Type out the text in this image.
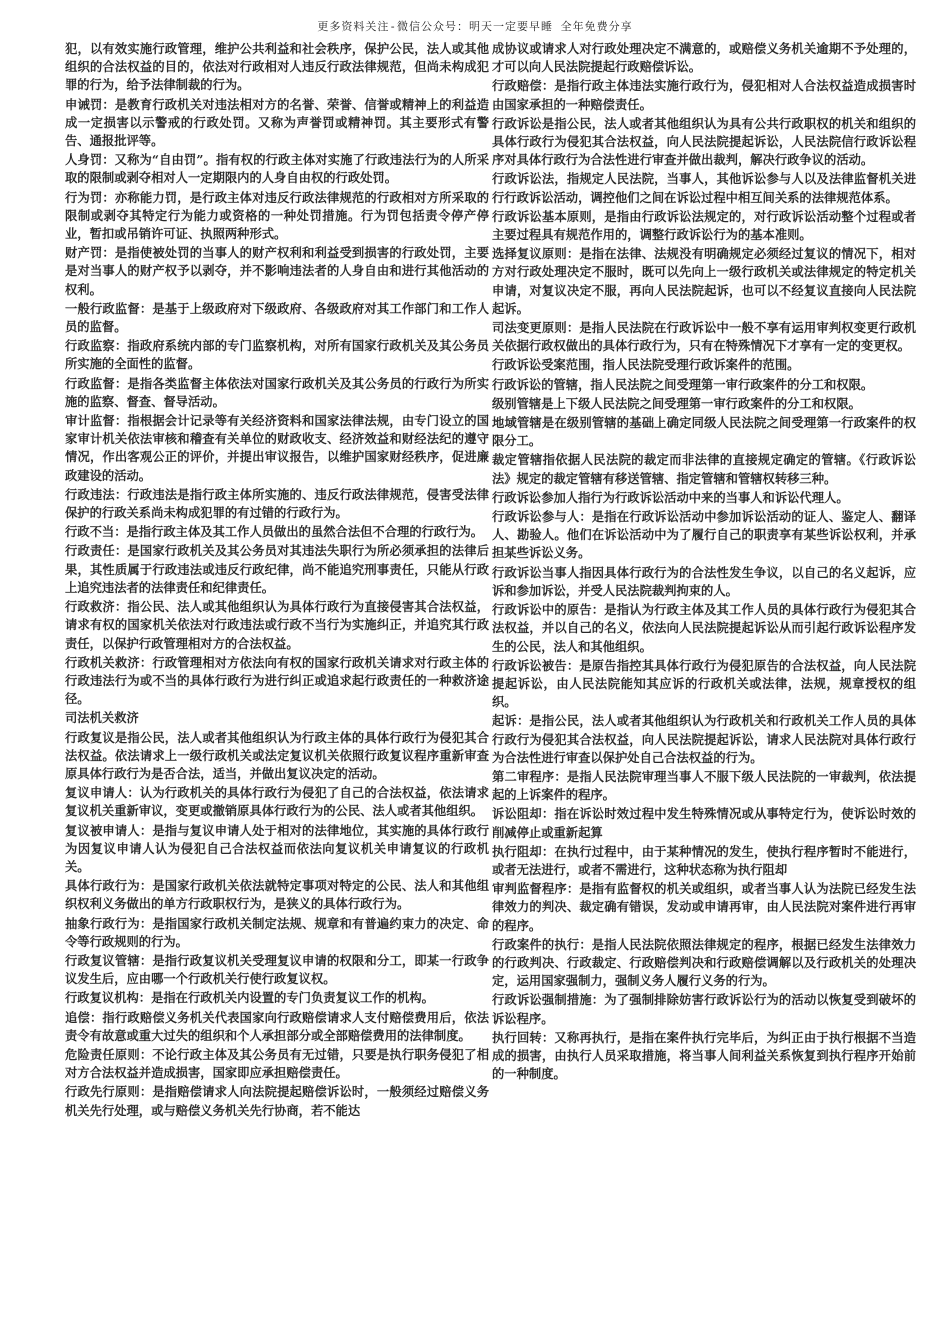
更多资料关注-微信公众号：明天一定要早睡 全年免费分享

犯，以有效实施行政管理，维护公共利益和社会秩序，保护公民，法人或其他组织的合法权益的目的，依法对行政相对人违反行政法律规范，但尚未构成犯罪的行为，给予法律制裁的行为。

申诫罚：是教育行政机关对违法相对方的名誉、荣誉、信誉或精神上的利益造成一定损害以示警戒的行政处罚。又称为声誉罚或精神罚。其主要形式有警告、通报批评等。

人身罚：又称为“自由罚”。指有权的行政主体对实施了行政违法行为的人所采取的限制或剥夺相对人一定期限内的人身自由权的行政处罚。

行为罚：亦称能力罚，是行政主体对违反行政法律规范的行政相对方所采取的限制或剥夺其特定行为能力或资格的一种处罚措施。行为罚包括责令停产停业，暂扣或吊销许可证、执照两种形式。

财产罚：是指使被处罚的当事人的财产权利和利益受到损害的行政处罚，主要是对当事人的财产权予以剥夺，并不影响违法者的人身自由和进行其他活动的权利。

一般行政监督：是基于上级政府对下级政府、各级政府对其工作部门和工作人员的监督。

行政监察：指政府系统内部的专门监察机构，对所有国家行政机关及其公务员所实施的全面性的监督。

行政监督：是指各类监督主体依法对国家行政机关及其公务员的行政行为所实施的监察、督查、督导活动。

审计监督：指根据会计记录等有关经济资料和国家法律法规，由专门设立的国家审计机关依法审核和稽查有关单位的财政收支、经济效益和财经法纪的遵守情况，作出客观公正的评价，并提出审议报告，以维护国家财经秩序，促进廉政建设的活动。

行政违法：行政违法是指行政主体所实施的、违反行政法律规范，侵害受法律保护的行政关系尚未构成犯罪的有过错的行政行为。

行政不当：是指行政主体及其工作人员做出的虽然合法但不合理的行政行为。

行政责任：是国家行政机关及其公务员对其违法失职行为所必须承担的法律后果，其性质属于行政违法或违反行政纪律，尚不能追究刑事责任，只能从行政上追究违法者的法律责任和纪律责任。

行政救济：指公民、法人或其他组织认为具体行政行为直接侵害其合法权益，请求有权的国家机关依法对行政违法或行政不当行为实施纠正，并追究其行政责任，以保护行政管理相对方的合法权益。

行政机关救济：行政管理相对方依法向有权的国家行政机关请求对行政主体的行政违法行为或不当的具体行政行为进行纠正或追求起行政责任的一种救济途径。

司法机关救济

行政复议是指公民，法人或者其他组织认为行政主体的具体行政行为侵犯其合法权益。依法请求上一级行政机关或法定复议机关依照行政复议程序重新审查原具体行政行为是否合法，适当，并做出复议决定的活动。

复议申请人：认为行政机关的具体行政行为侵犯了自己的合法权益，依法请求复议机关重新审议，变更或撤销原具体行政行为的公民、法人或者其他组织。

复议被申请人：是指与复议申请人处于相对的法律地位，其实施的具体行政行为因复议申请人认为侵犯自己合法权益而依法向复议机关申请复议的行政机关。

具体行政行为：是国家行政机关依法就特定事项对特定的公民、法人和其他组织权利义务做出的单方行政职权行为，是狭义的具体行政行为。

抽象行政行为：是指国家行政机关制定法规、规章和有普遍约束力的决定、命令等行政规则的行为。

行政复议管辖：是指行政复议机关受理复议申请的权限和分工，即某一行政争议发生后，应由哪一个行政机关行使行政复议权。

行政复议机构：是指在行政机关内设置的专门负责复议工作的机构。

追偿：指行政赔偿义务机关代表国家向行政赔偿请求人支付赔偿费用后，依法责令有故意或重大过失的组织和个人承担部分或全部赔偿费用的法律制度。

危险责任原则：不论行政主体及其公务员有无过错，只要是执行职务侵犯了相对方合法权益并造成损害，国家即应承担赔偿责任。

行政先行原则：是指赔偿请求人向法院提起赔偿诉讼时，一般须经过赔偿义务机关先行处理，或与赔偿义务机关先行协商，若不能达

成协议或请求人对行政处理决定不满意的，或赔偿义务机关逾期不予处理的，才可以向人民法院提起行政赔偿诉讼。

行政赔偿：是指行政主体违法实施行政行为，侵犯相对人合法权益造成损害时由国家承担的一种赔偿责任。

行政诉讼是指公民，法人或者其他组织认为具有公共行政职权的机关和组织的具体行政行为侵犯其合法权益，向人民法院提起诉讼，人民法院信行政诉讼程序对具体行政行为合法性进行审查并做出裁判，解决行政争议的活动。

行政诉讼法，指规定人民法院，当事人，其他诉讼参与人以及法律监督机关进行行政诉讼活动，调控他们之间在诉讼过程中相互间关系的法律规范体系。

行政诉讼基本原则，是指由行政诉讼法规定的，对行政诉讼活动整个过程或者主要过程具有规范作用的，调整行政诉讼行为的基本准则。

选择复议原则：是指在法律、法规没有明确规定必须经过复议的情况下，相对方对行政处理决定不服时，既可以先向上一级行政机关或法律规定的特定机关申请，对复议决定不服，再向人民法院起诉，也可以不经复议直接向人民法院起诉。

司法变更原则：是指人民法院在行政诉讼中一般不享有运用审判权变更行政机关依据行政权做出的具体行政行为，只有在特殊情况下才享有一定的变更权。

行政诉讼受案范围，指人民法院受理行政诉案件的范围。

行政诉讼的管辖，指人民法院之间受理第一审行政案件的分工和权限。

级别管辖是上下级人民法院之间受理第一审行政案件的分工和权限。

地域管辖是在级别管辖的基础上确定同级人民法院之间受理第一行政案件的权限分工。

裁定管辖指依据人民法院的裁定而非法律的直接规定确定的管辖。《行政诉讼法》规定的裁定管辖有移送管辖、指定管辖和管辖权转移三种。

行政诉讼参加人指行为行政诉讼活动中来的当事人和诉讼代理人。

行政诉讼参与人：是指在行政诉讼活动中参加诉讼活动的证人、鉴定人、翻译人、勘验人。他们在诉讼活动中为了履行自己的职责享有某些诉讼权利，并承担某些诉讼义务。

行政诉讼当事人指因具体行政行为的合法性发生争议，以自己的名义起诉，应诉和参加诉讼，并受人民法院裁判拘束的人。

行政诉讼中的原告：是指认为行政主体及其工作人员的具体行政行为侵犯其合法权益，并以自己的名义，依法向人民法院提起诉讼从而引起行政诉讼程序发生的公民，法人和其他组织。

行政诉讼被告：是原告指控其具体行政行为侵犯原告的合法权益，向人民法院提起诉讼，由人民法院能知其应诉的行政机关或法律，法规，规章授权的组织。

起诉：是指公民，法人或者其他组织认为行政机关和行政机关工作人员的具体行政行为侵犯其合法权益，向人民法院提起诉讼，请求人民法院对具体行政行为合法性进行审查以保护处自己合法权益的行为。

第二审程序：是指人民法院审理当事人不服下级人民法院的一审裁判，依法提起的上诉案件的程序。

诉讼阻却：指在诉讼时效过程中发生特殊情况或从事特定行为，使诉讼时效的削减停止或重新起算

执行阻却：在执行过程中，由于某种情况的发生，使执行程序暂时不能进行，或者无法进行，或者不需进行，这种状态称为执行阻却

审判监督程序：是指有监督权的机关或组织，或者当事人认为法院已经发生法律效力的判决、裁定确有错误，发动或申请再审，由人民法院对案件进行再审的程序。

行政案件的执行：是指人民法院依照法律规定的程序，根据已经发生法律效力的行政判决、行政裁定、行政赔偿判决和行政赔偿调解以及行政机关的处理决定，运用国家强制力，强制义务人履行义务的行为。

行政诉讼强制措施：为了强制排除妨害行政诉讼行为的活动以恢复受到破坏的诉讼程序。

执行回转：又称再执行，是指在案件执行完毕后，为纠正由于执行根据不当造成的损害，由执行人员采取措施，将当事人间利益关系恢复到执行程序开始前的一种制度。
